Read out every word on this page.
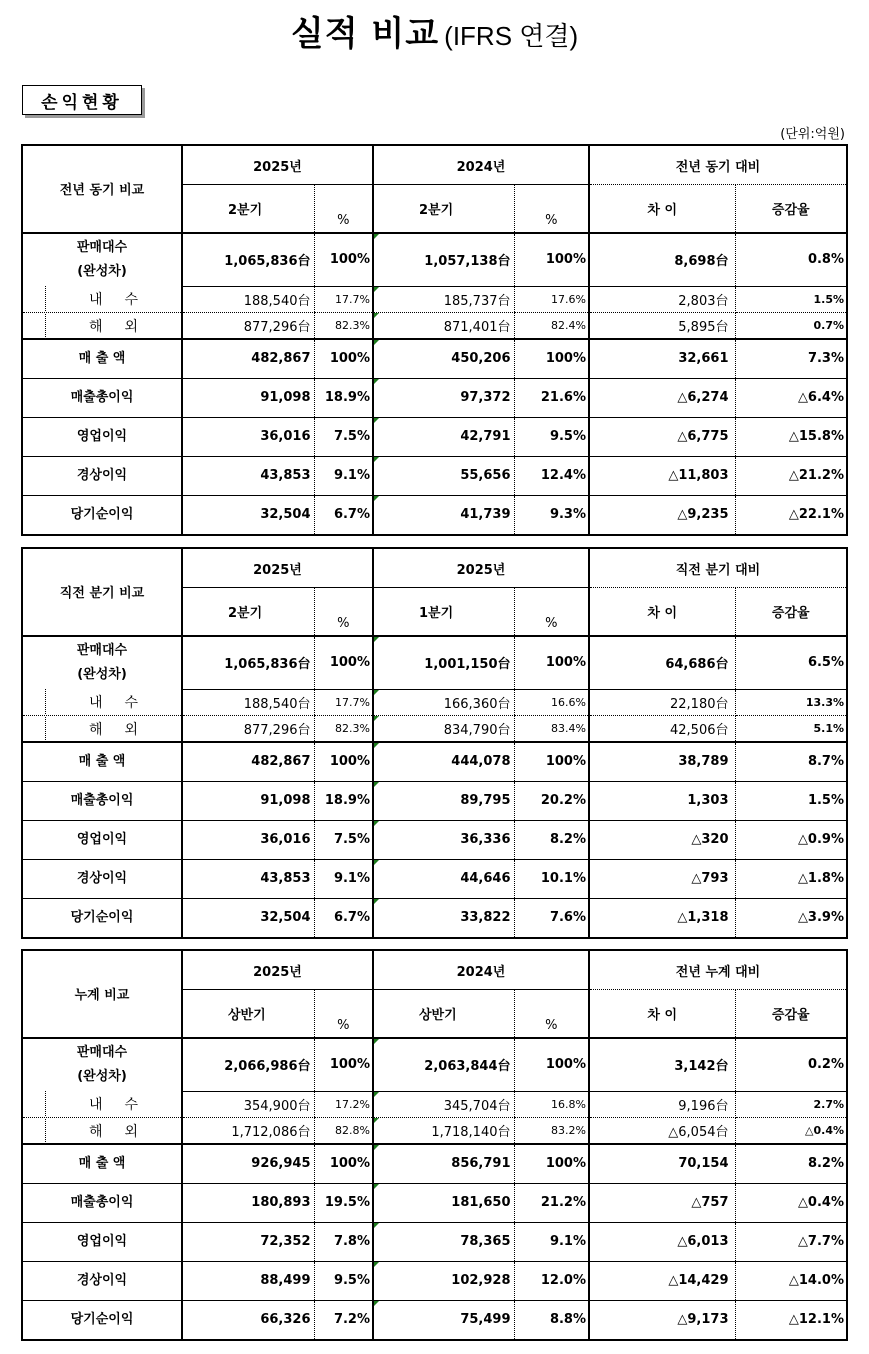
실적 비교 (IFRS 연결)
손익현황
(단위:억원)
전년 동기 비교	2025년		2024년		전년 동기 대비	
	2분기	%	2분기	%	차 이	증감율
판매대수
(완성차)	1,065,836台	100%	1,057,138台	100%	8,698台	0.8%

내수	188,540台	17.7%	185,737台	17.6%	2,803台	1.5%

해외	877,296台	82.3%	871,401台	82.4%	5,895台	0.7%
매 출 액	482,867	100%	450,206	100%	32,661	7.3%
매출총이익	91,098	18.9%	97,372	21.6%	△6,274	△6.4%
영업이익	36,016	7.5%	42,791	9.5%	△6,775	△15.8%
경상이익	43,853	9.1%	55,656	12.4%	△11,803	△21.2%
당기순이익	32,504	6.7%	41,739	9.3%	△9,235	△22.1%
직전 분기 비교	2025년		2025년		직전 분기 대비	
	2분기	%	1분기	%	차 이	증감율
판매대수
(완성차)	1,065,836台	100%	1,001,150台	100%	64,686台	6.5%

내수	188,540台	17.7%	166,360台	16.6%	22,180台	13.3%

해외	877,296台	82.3%	834,790台	83.4%	42,506台	5.1%
매 출 액	482,867	100%	444,078	100%	38,789	8.7%
매출총이익	91,098	18.9%	89,795	20.2%	1,303	1.5%
영업이익	36,016	7.5%	36,336	8.2%	△320	△0.9%
경상이익	43,853	9.1%	44,646	10.1%	△793	△1.8%
당기순이익	32,504	6.7%	33,822	7.6%	△1,318	△3.9%
누계 비교	2025년		2024년		전년 누계 대비	
	상반기	%	상반기	%	차 이	증감율
판매대수
(완성차)	2,066,986台	100%	2,063,844台	100%	3,142台	0.2%

내수	354,900台	17.2%	345,704台	16.8%	9,196台	2.7%

해외	1,712,086台	82.8%	1,718,140台	83.2%	△6,054台	△0.4%
매 출 액	926,945	100%	856,791	100%	70,154	8.2%
매출총이익	180,893	19.5%	181,650	21.2%	△757	△0.4%
영업이익	72,352	7.8%	78,365	9.1%	△6,013	△7.7%
경상이익	88,499	9.5%	102,928	12.0%	△14,429	△14.0%
당기순이익	66,326	7.2%	75,499	8.8%	△9,173	△12.1%
